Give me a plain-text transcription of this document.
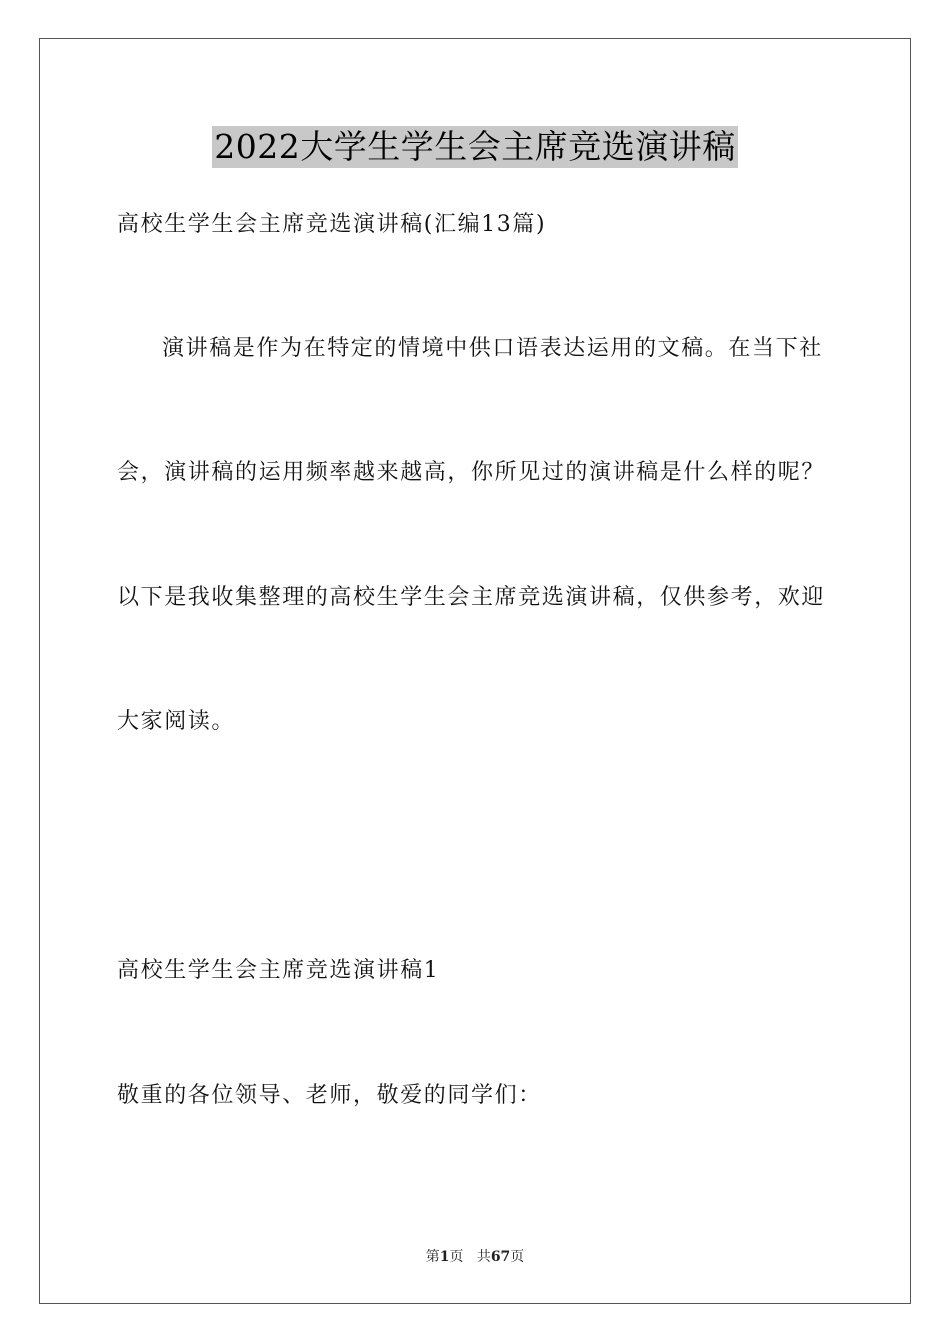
2022大学生学生会主席竞选演讲稿
高校生学生会主席竞选演讲稿(汇编13篇)
演讲稿是作为在特定的情境中供口语表达运用的文稿。在当下社
会，演讲稿的运用频率越来越高，你所见过的演讲稿是什么样的呢？
以下是我收集整理的高校生学生会主席竞选演讲稿，仅供参考，欢迎
大家阅读。
高校生学生会主席竞选演讲稿1
敬重的各位领导、老师，敬爱的同学们：
第1页 共67页
